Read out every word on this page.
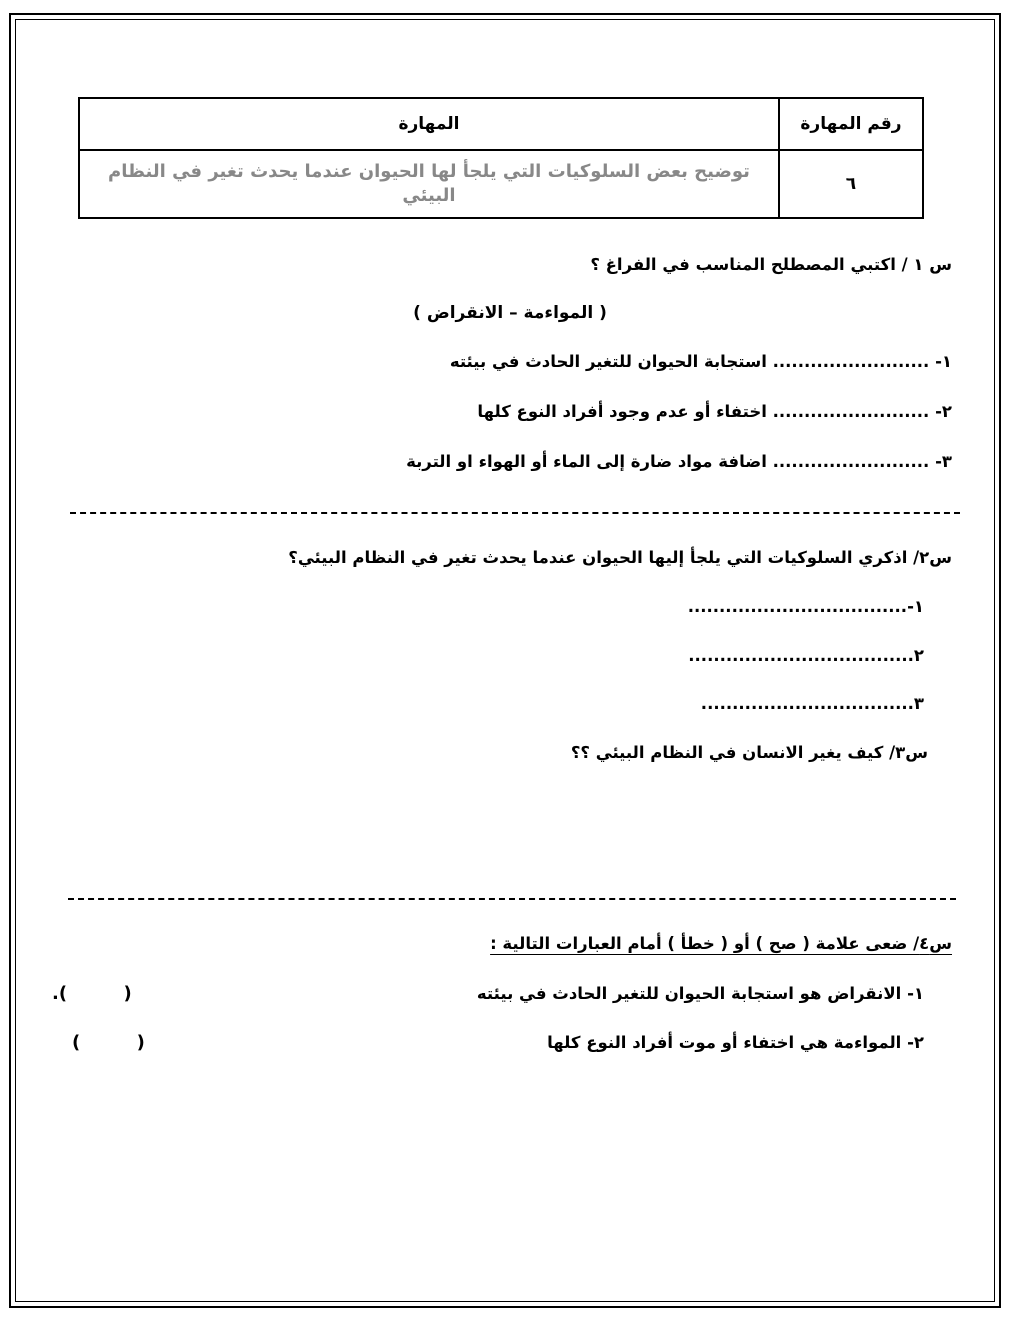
رقم المهارة	المهارة
٦	توضيح بعض السلوكيات التي يلجأ لها الحيوان عندما يحدث تغير في النظام البيئي
س ١ / اكتبي المصطلح المناسب في الفراغ ؟
( المواءمة – الانقراض )
١- ......................... استجابة الحيوان للتغير الحادث في بيئته
٢- ......................... اختفاء أو عدم وجود أفراد النوع كلها
٣- ......................... اضافة مواد ضارة إلى الماء أو الهواء او التربة
س٢/ اذكري السلوكيات التي يلجأ إليها الحيوان عندما يحدث تغير في النظام البيئي؟
١-...................................
٢....................................
٣..................................
س٣/ كيف يغير الانسان في النظام البيئي ؟؟
س٤/ ضعى علامة ( صح ) أو ( خطأ ) أمام العبارات التالية :
١- الانقراض هو استجابة الحيوان للتغير الحادث في بيئته
.(         )
٢- المواءمة هي اختفاء أو موت أفراد النوع كلها
(         )
